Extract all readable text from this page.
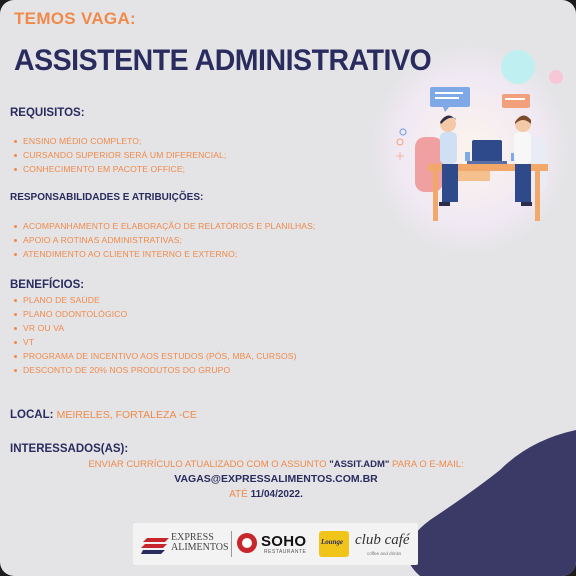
+
TEMOS VAGA:
ASSISTENTE ADMINISTRATIVO
REQUISITOS:
ENSINO MÉDIO COMPLETO;
CURSANDO SUPERIOR SERÁ UM DIFERENCIAL;
CONHECIMENTO EM PACOTE OFFICE;
RESPONSABILIDADES E ATRIBUIÇÕES:
ACOMPANHAMENTO E ELABORAÇÃO DE RELATÓRIOS E PLANILHAS;
APOIO A ROTINAS ADMINISTRATIVAS;
ATENDIMENTO AO CLIENTE INTERNO E EXTERNO;
BENEFÍCIOS:
PLANO DE SAÚDE
PLANO ODONTOLÓGICO
VR OU VA
VT
PROGRAMA DE INCENTIVO AOS ESTUDOS (PÓS, MBA, CURSOS)
DESCONTO DE 20% NOS PRODUTOS DO GRUPO
LOCAL: MEIRELES, FORTALEZA -CE
INTERESSADOS(AS):
ENVIAR CURRÍCULO ATUALIZADO COM O ASSUNTO "ASSIT.ADM" PARA O E-MAIL:
VAGAS@EXPRESSALIMENTOS.COM.BR
ATÉ 11/04/2022.
EXPRESS
ALIMENTOS SOHO
RESTAURANTE
Lounge club café
coffee and drinks
